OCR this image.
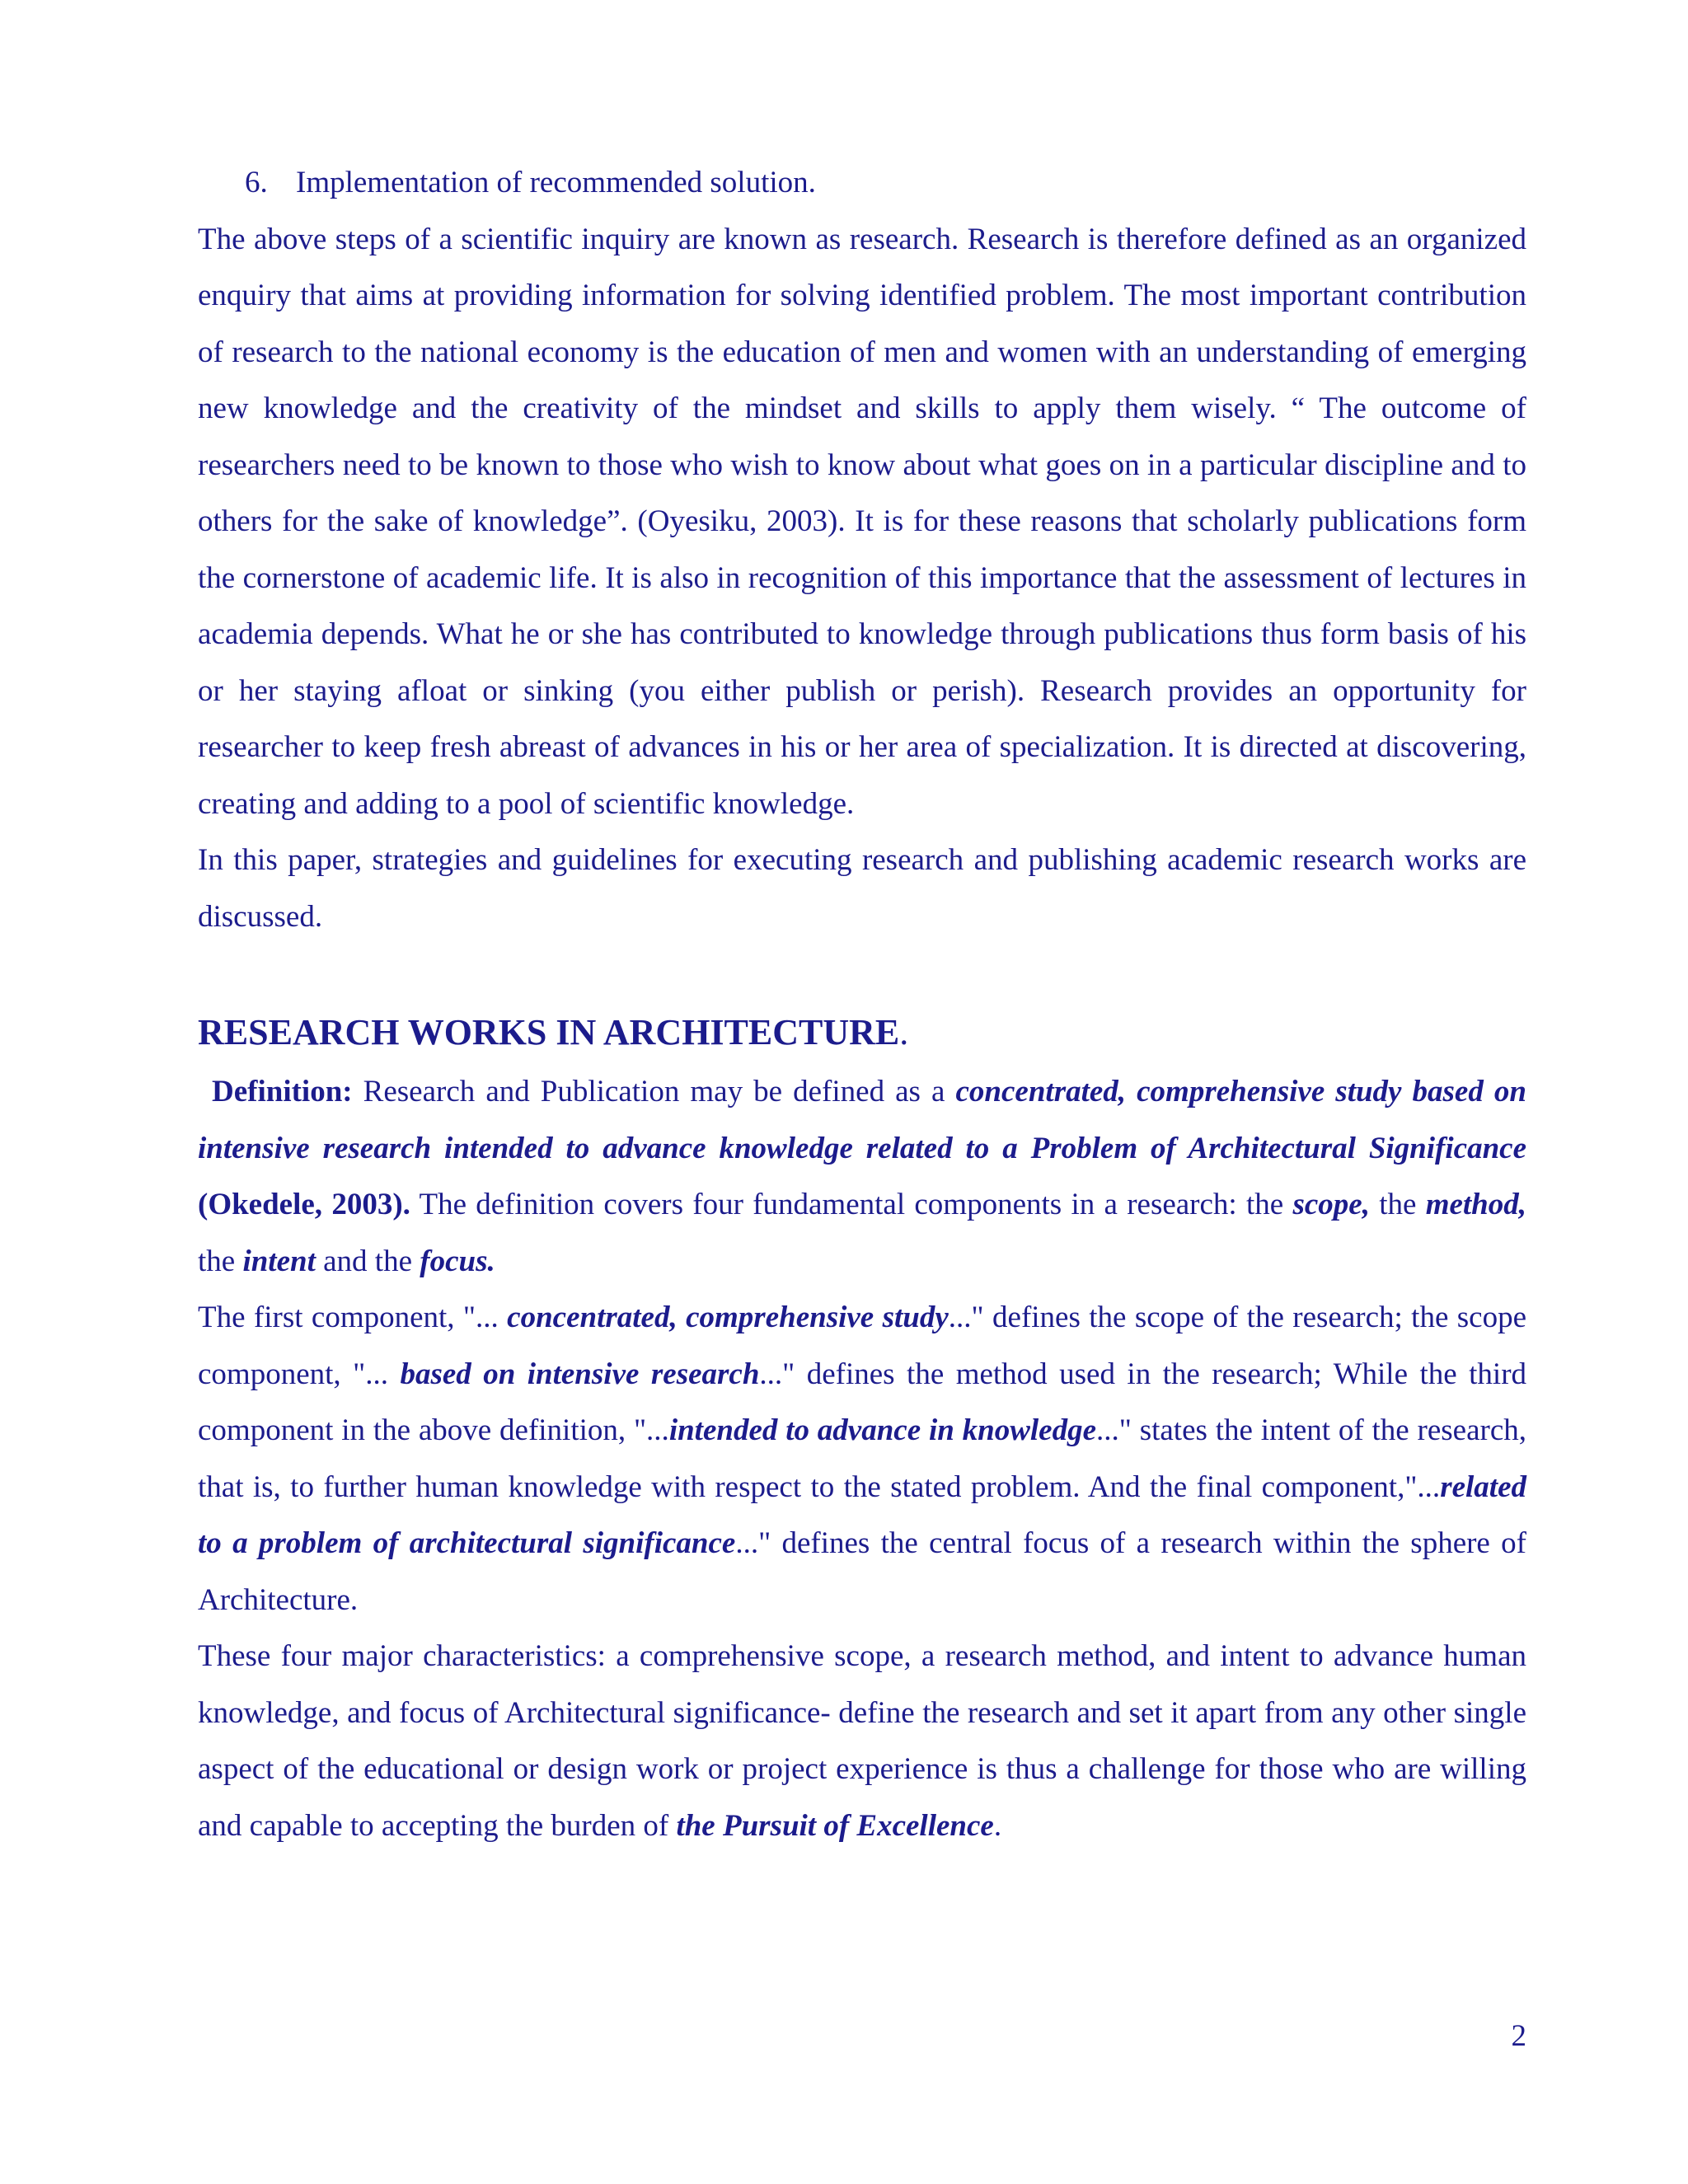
6. Implementation of recommended solution.

The above steps of a scientific inquiry are known as research. Research is therefore defined as an organized enquiry that aims at providing information for solving identified problem. The most important contribution of research to the national economy is the education of men and women with an understanding of emerging new knowledge and the creativity of the mindset and skills to apply them wisely. “ The outcome of researchers need to be known to those who wish to know about what goes on in a particular discipline and to others for the sake of knowledge”. (Oyesiku, 2003). It is for these reasons that scholarly publications form the cornerstone of academic life. It is also in recognition of this importance that the assessment of lectures in academia depends. What he or she has contributed to knowledge through publications thus form basis of his or her staying afloat or sinking (you either publish or perish). Research provides an opportunity for researcher to keep fresh abreast of advances in his or her area of specialization. It is directed at discovering, creating and adding to a pool of scientific knowledge.

In this paper, strategies and guidelines for executing research and publishing academic research works are discussed.

RESEARCH WORKS IN ARCHITECTURE.

Definition: Research and Publication may be defined as a concentrated, comprehensive study based on intensive research intended to advance knowledge related to a Problem of Architectural Significance (Okedele, 2003). The definition covers four fundamental components in a research: the scope, the method, the intent and the focus.

The first component, "... concentrated, comprehensive study..." defines the scope of the research; the scope component, "... based on intensive research..." defines the method used in the research; While the third component in the above definition, "...intended to advance in knowledge..." states the intent of the research, that is, to further human knowledge with respect to the stated problem. And the final component,"...related to a problem of architectural significance..." defines the central focus of a research within the sphere of Architecture.

These four major characteristics: a comprehensive scope, a research method, and intent to advance human knowledge, and focus of Architectural significance- define the research and set it apart from any other single aspect of the educational or design work or project experience is thus a challenge for those who are willing and capable to accepting the burden of the Pursuit of Excellence.

2
